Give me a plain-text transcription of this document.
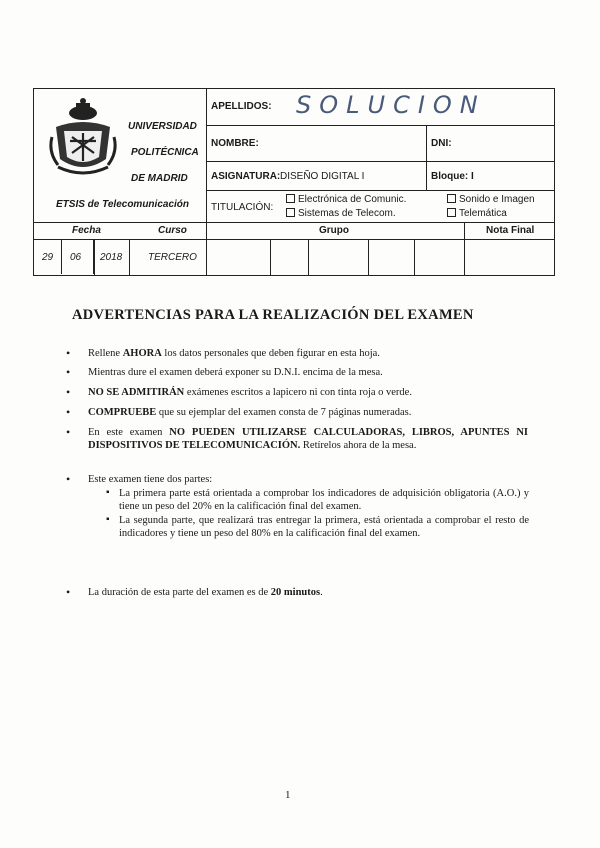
UNIVERSIDAD
POLITÉCNICA
DE MADRID
ETSIS de Telecomunicación
APELLIDOS: SOLUCION
NOMBRE:	DNI:
ASIGNATURA: DISEÑO DIGITAL I	Bloque: I
TITULACIÓN:
Electrónica de Comunic.
Sistemas de Telecom.
Sonido e Imagen
Telemática
Fecha	Curso	Grupo	Nota Final
29 06 2018	TERCERO
ADVERTENCIAS PARA LA REALIZACIÓN DEL EXAMEN
• Rellene AHORA los datos personales que deben figurar en esta hoja.
• Mientras dure el examen deberá exponer su D.N.I. encima de la mesa.
• NO SE ADMITIRÁN exámenes escritos a lapicero ni con tinta roja o verde.
• COMPRUEBE que su ejemplar del examen consta de 7 páginas numeradas.
• En este examen NO PUEDEN UTILIZARSE CALCULADORAS, LIBROS, APUNTES NI DISPOSITIVOS DE TELECOMUNICACIÓN. Retírelos ahora de la mesa.
• Este examen tiene dos partes:
▪ La primera parte está orientada a comprobar los indicadores de adquisición obligatoria (A.O.) y tiene un peso del 20% en la calificación final del examen.
▪ La segunda parte, que realizará tras entregar la primera, está orientada a comprobar el resto de indicadores y tiene un peso del 80% en la calificación final del examen.
• La duración de esta parte del examen es de 20 minutos.
1
